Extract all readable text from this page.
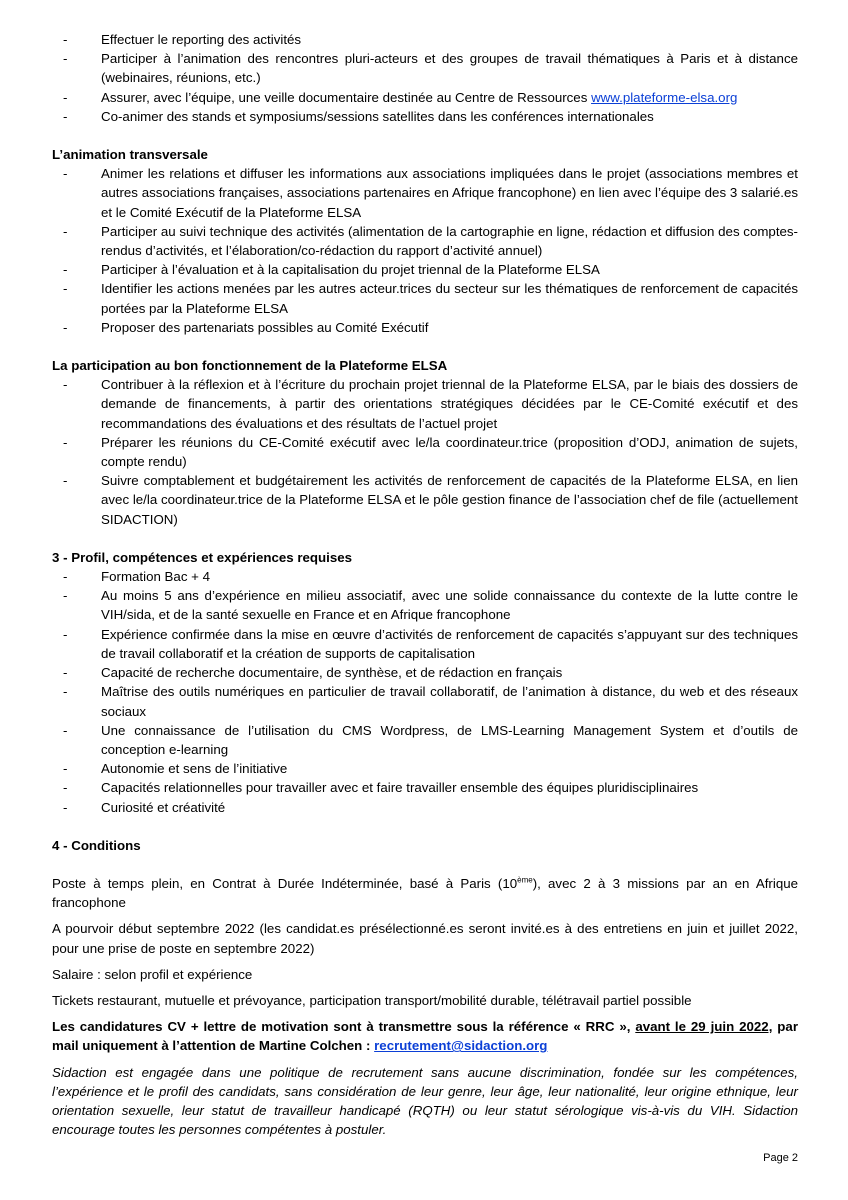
-	Effectuer le reporting des activités
-	Participer à l’animation des rencontres pluri-acteurs et des groupes de travail thématiques à Paris et à distance (webinaires, réunions, etc.)
-	Assurer, avec l’équipe, une veille documentaire destinée au Centre de Ressources www.plateforme-elsa.org
-	Co-animer des stands et symposiums/sessions satellites dans les conférences internationales
L’animation transversale
-	Animer les relations et diffuser les informations aux associations impliquées dans le projet (associations membres et autres associations françaises, associations partenaires en Afrique francophone) en lien avec l’équipe des 3 salarié.es et le Comité Exécutif de la Plateforme ELSA
-	Participer au suivi technique des activités (alimentation de la cartographie en ligne, rédaction et diffusion des comptes-rendus d’activités, et l’élaboration/co-rédaction du rapport d’activité annuel)
-	Participer à l’évaluation et à la capitalisation du projet triennal de la Plateforme ELSA
-	Identifier les actions menées par les autres acteur.trices du secteur sur les thématiques de renforcement de capacités portées par la Plateforme ELSA
-	Proposer des partenariats possibles au Comité Exécutif
La participation au bon fonctionnement de la Plateforme ELSA
-	Contribuer à la réflexion et à l’écriture du prochain projet triennal de la Plateforme ELSA, par le biais des dossiers de demande de financements, à partir des orientations stratégiques décidées par le CE-Comité exécutif et des recommandations des évaluations et des résultats de l’actuel projet
-	Préparer les réunions du CE-Comité exécutif avec le/la coordinateur.trice (proposition d’ODJ, animation de sujets, compte rendu)
-	Suivre comptablement et budgétairement les activités de renforcement de capacités de la Plateforme ELSA, en lien avec le/la coordinateur.trice de la Plateforme ELSA et le pôle gestion finance de l’association chef de file (actuellement SIDACTION)
3 - Profil, compétences et expériences requises
-	Formation Bac + 4
-	Au moins 5 ans d’expérience en milieu associatif, avec une solide connaissance du contexte de la lutte contre le VIH/sida, et de la santé sexuelle en France et en Afrique francophone
-	Expérience confirmée dans la mise en œuvre d’activités de renforcement de capacités s’appuyant sur des techniques de travail collaboratif et la création de supports de capitalisation
-	Capacité de recherche documentaire, de synthèse, et de rédaction en français
-	Maîtrise des outils numériques en particulier de travail collaboratif, de l’animation à distance, du web et des réseaux sociaux
-	Une connaissance de l’utilisation du CMS Wordpress, de LMS-Learning Management System et d’outils de conception e-learning
-	Autonomie et sens de l’initiative
-	Capacités relationnelles pour travailler avec et faire travailler ensemble des équipes pluridisciplinaires
-	Curiosité et créativité
4 - Conditions

Poste à temps plein, en Contrat à Durée Indéterminée, basé à Paris (10ème), avec 2 à 3 missions par an en Afrique francophone

A pourvoir début septembre 2022 (les candidat.es présélectionné.es seront invité.es à des entretiens en juin et juillet 2022, pour une prise de poste en septembre 2022)

Salaire : selon profil et expérience

Tickets restaurant, mutuelle et prévoyance, participation transport/mobilité durable, télétravail partiel possible

Les candidatures CV + lettre de motivation sont à transmettre sous la référence « RRC », avant le 29 juin 2022, par mail uniquement à l’attention de Martine Colchen : recrutement@sidaction.org

Sidaction est engagée dans une politique de recrutement sans aucune discrimination, fondée sur les compétences, l’expérience et le profil des candidats, sans considération de leur genre, leur âge, leur nationalité, leur origine ethnique, leur orientation sexuelle, leur statut de travailleur handicapé (RQTH) ou leur statut sérologique vis-à-vis du VIH. Sidaction encourage toutes les personnes compétentes à postuler.

Page 2
